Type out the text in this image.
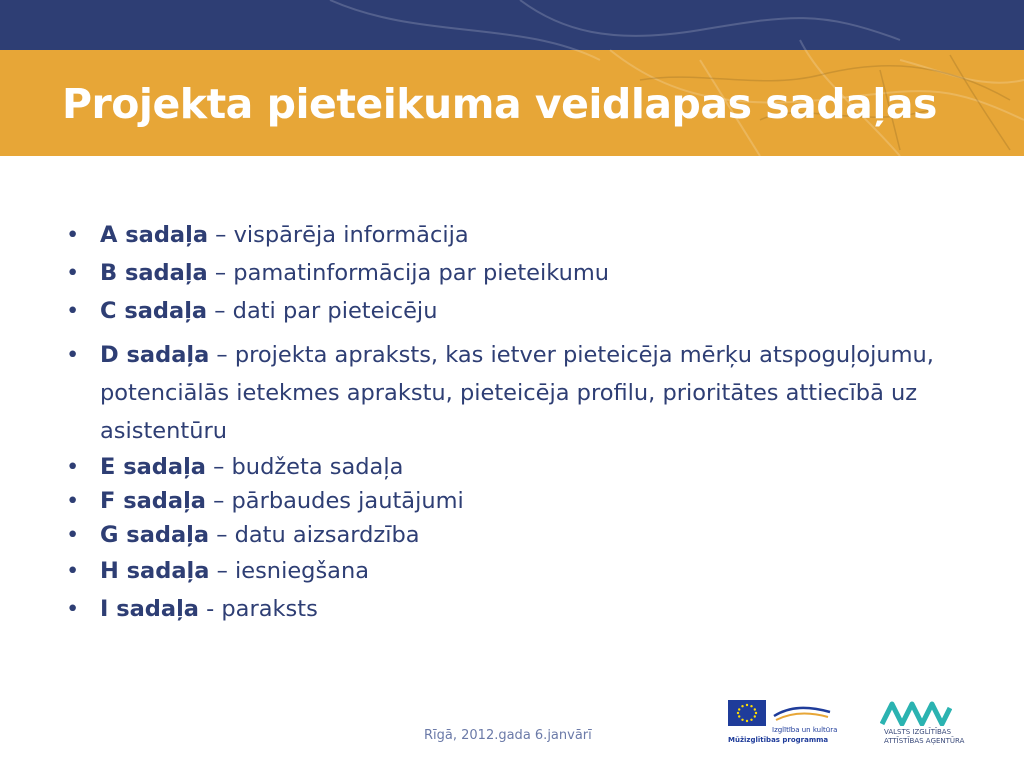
Projekta pieteikuma veidlapas sadaļas
• A sadaļa – vispārēja informācija
• B sadaļa – pamatinformācija par pieteikumu
• C sadaļa – dati par pieteicēju
• D sadaļa – projekta apraksts, kas ietver pieteicēja mērķu atspoguļojumu, potenciālās ietekmes aprakstu, pieteicēja profilu, prioritātes attiecībā uz asistentūru
• E sadaļa – budžeta sadaļa
• F sadaļa – pārbaudes jautājumi
• G sadaļa – datu aizsardzība
• H sadaļa – iesniegšana
• I sadaļa - paraksts
Rīgā, 2012.gada 6.janvārī	Izglītība un kultūra
Mūžizglītības programma
VALSTS IZGLĪTĪBAS
ATTĪSTĪBAS AĢENTŪRA
